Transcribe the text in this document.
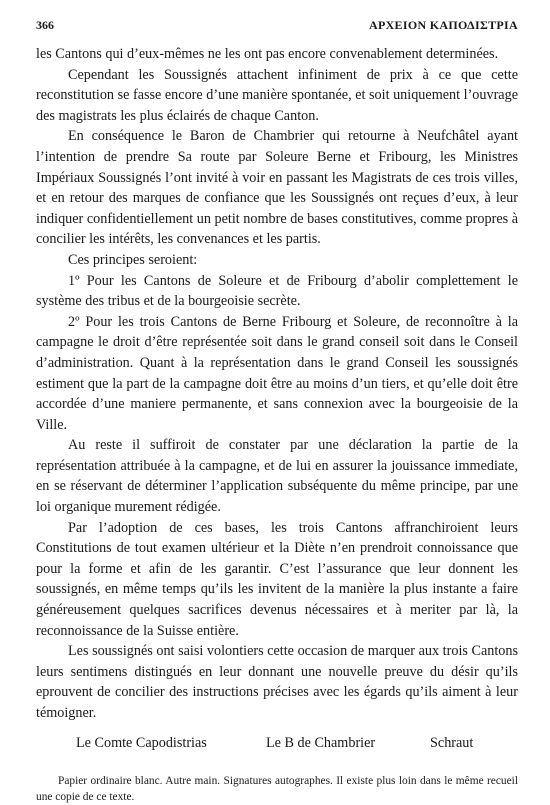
366	ΑΡΧΕΙΟΝ ΚΑΠΟΔΙΣΤΡΙΑ

les Cantons qui d’eux-mêmes ne les ont pas encore convenablement determinées.

Cependant les Soussignés attachent infiniment de prix à ce que cette reconstitution se fasse encore d’une manière spontanée, et soit uniquement l’ouvrage des magistrats les plus éclairés de chaque Canton.

En conséquence le Baron de Chambrier qui retourne à Neufchâtel ayant l’intention de prendre Sa route par Soleure Berne et Fribourg, les Ministres Impériaux Soussignés l’ont invité à voir en passant les Magistrats de ces trois villes, et en retour des marques de confiance que les Soussignés ont reçues d’eux, à leur indiquer confidentiellement un petit nombre de bases constitutives, comme propres à concilier les intérêts, les convenances et les partis.

Ces principes seroient:

1º Pour les Cantons de Soleure et de Fribourg d’abolir complettement le système des tribus et de la bourgeoisie secrète.

2º Pour les trois Cantons de Berne Fribourg et Soleure, de reconnoître à la campagne le droit d’être représentée soit dans le grand conseil soit dans le Conseil d’administration. Quant à la représentation dans le grand Conseil les soussignés estiment que la part de la campagne doit être au moins d’un tiers, et qu’elle doit être accordée d’une maniere permanente, et sans connexion avec la bourgeoisie de la Ville.

Au reste il suffiroit de constater par une déclaration la partie de la représentation attribuée à la campagne, et de lui en assurer la jouissance immediate, en se réservant de déterminer l’application subséquente du même principe, par une loi organique murement rédigée.

Par l’adoption de ces bases, les trois Cantons affranchiroient leurs Constitutions de tout examen ultérieur et la Diète n’en prendroit connoissance que pour la forme et afin de les garantir. C’est l’assurance que leur donnent les soussignés, en même temps qu’ils les invitent de la manière la plus instante a faire généreusement quelques sacrifices devenus nécessaires et à meriter par là, la reconnoissance de la Suisse entière.

Les soussignés ont saisi volontiers cette occasion de marquer aux trois Cantons leurs sentimens distingués en leur donnant une nouvelle preuve du désir qu’ils eprouvent de concilier des instructions précises avec les égards qu’ils aiment à leur témoigner.

Le Comte Capodistrias	Le B de Chambrier	Schraut
Papier ordinaire blanc. Autre main. Signatures autographes. Il existe plus loin dans le même recueil une copie de ce texte.
